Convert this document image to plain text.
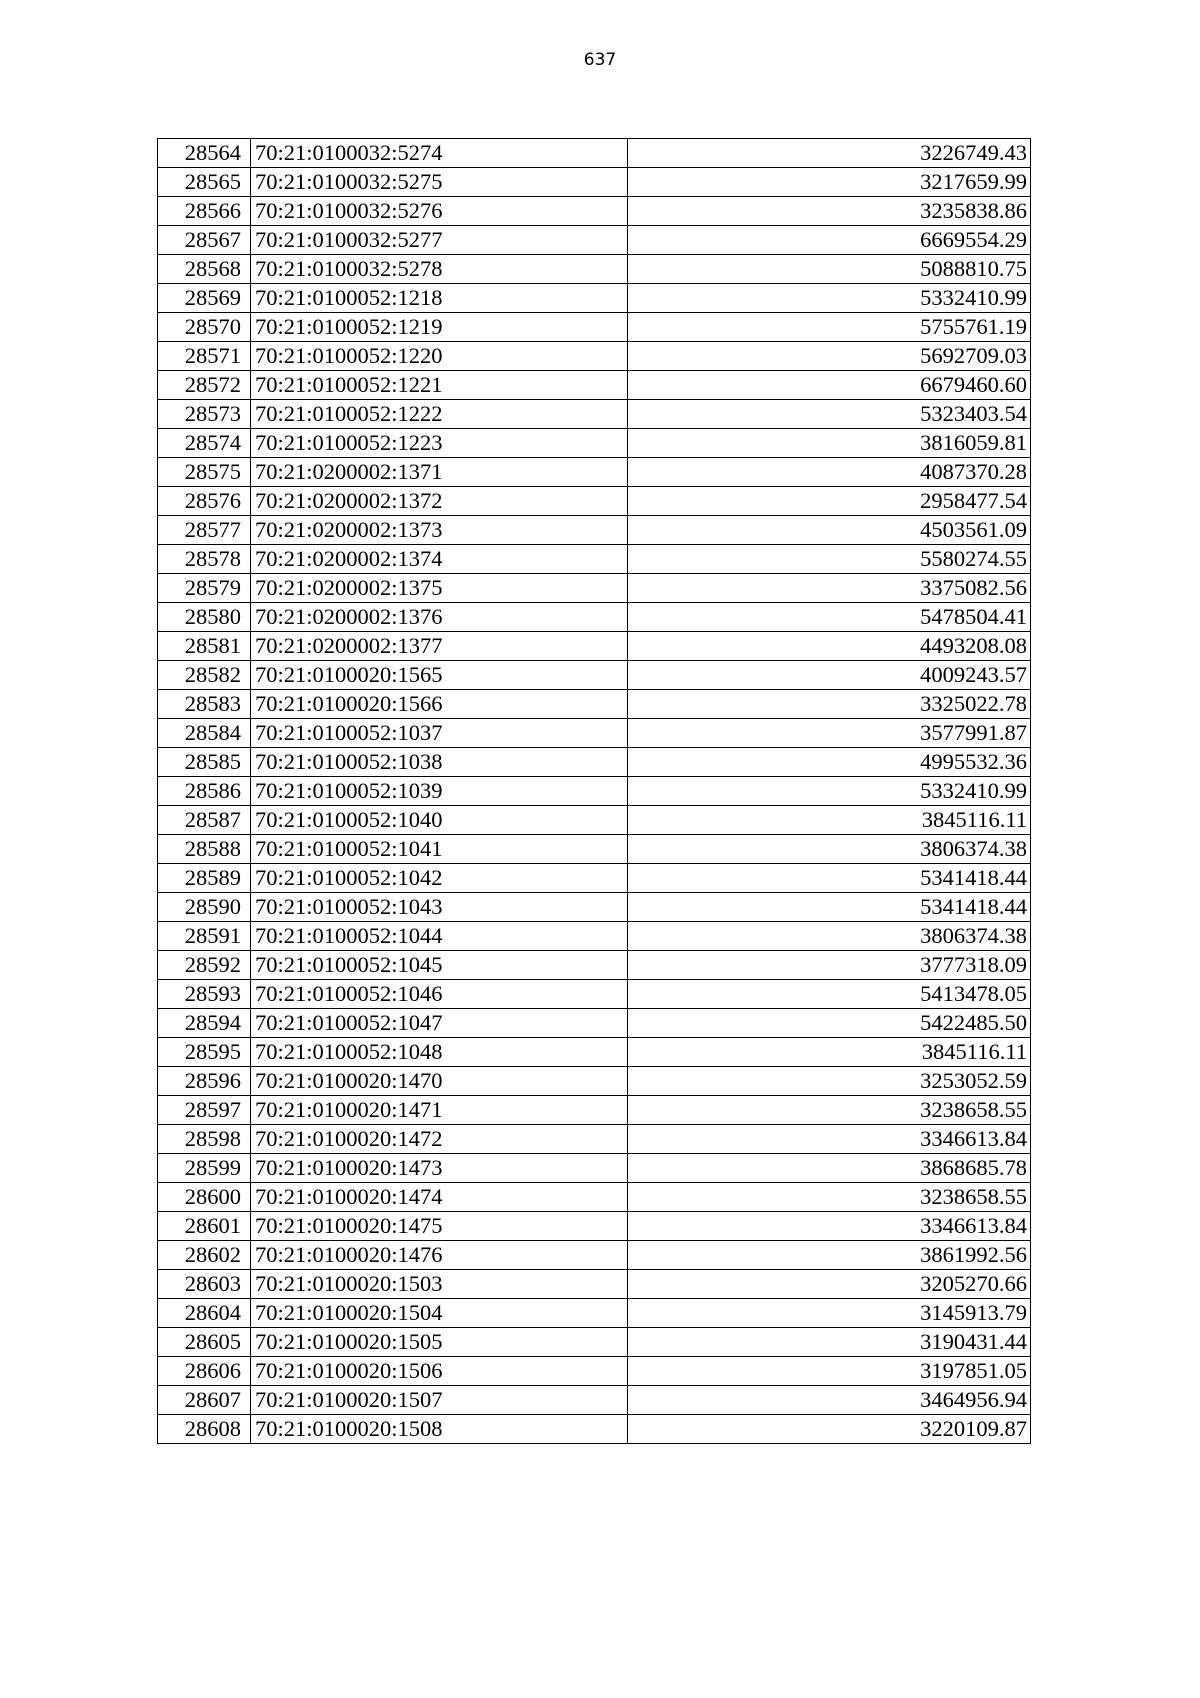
637
28564	70:21:0100032:5274	3226749.43
28565	70:21:0100032:5275	3217659.99
28566	70:21:0100032:5276	3235838.86
28567	70:21:0100032:5277	6669554.29
28568	70:21:0100032:5278	5088810.75
28569	70:21:0100052:1218	5332410.99
28570	70:21:0100052:1219	5755761.19
28571	70:21:0100052:1220	5692709.03
28572	70:21:0100052:1221	6679460.60
28573	70:21:0100052:1222	5323403.54
28574	70:21:0100052:1223	3816059.81
28575	70:21:0200002:1371	4087370.28
28576	70:21:0200002:1372	2958477.54
28577	70:21:0200002:1373	4503561.09
28578	70:21:0200002:1374	5580274.55
28579	70:21:0200002:1375	3375082.56
28580	70:21:0200002:1376	5478504.41
28581	70:21:0200002:1377	4493208.08
28582	70:21:0100020:1565	4009243.57
28583	70:21:0100020:1566	3325022.78
28584	70:21:0100052:1037	3577991.87
28585	70:21:0100052:1038	4995532.36
28586	70:21:0100052:1039	5332410.99
28587	70:21:0100052:1040	3845116.11
28588	70:21:0100052:1041	3806374.38
28589	70:21:0100052:1042	5341418.44
28590	70:21:0100052:1043	5341418.44
28591	70:21:0100052:1044	3806374.38
28592	70:21:0100052:1045	3777318.09
28593	70:21:0100052:1046	5413478.05
28594	70:21:0100052:1047	5422485.50
28595	70:21:0100052:1048	3845116.11
28596	70:21:0100020:1470	3253052.59
28597	70:21:0100020:1471	3238658.55
28598	70:21:0100020:1472	3346613.84
28599	70:21:0100020:1473	3868685.78
28600	70:21:0100020:1474	3238658.55
28601	70:21:0100020:1475	3346613.84
28602	70:21:0100020:1476	3861992.56
28603	70:21:0100020:1503	3205270.66
28604	70:21:0100020:1504	3145913.79
28605	70:21:0100020:1505	3190431.44
28606	70:21:0100020:1506	3197851.05
28607	70:21:0100020:1507	3464956.94
28608	70:21:0100020:1508	3220109.87
